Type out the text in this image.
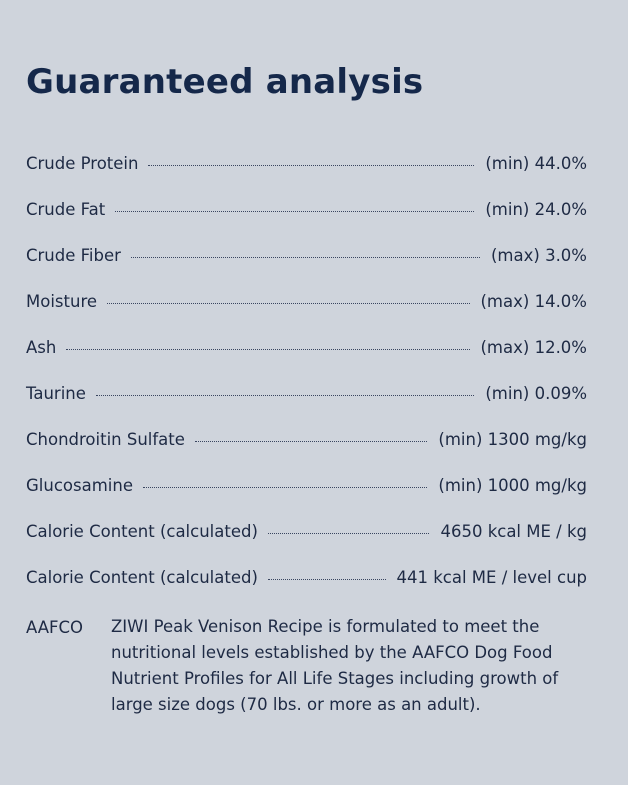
Guaranteed analysis
Crude Protein	(min) 44.0%
Crude Fat	(min) 24.0%
Crude Fiber	(max) 3.0%
Moisture	(max) 14.0%
Ash	(max) 12.0%
Taurine	(min) 0.09%
Chondroitin Sulfate	(min) 1300 mg/kg
Glucosamine	(min) 1000 mg/kg
Calorie Content (calculated)	4650 kcal ME / kg
Calorie Content (calculated)	441 kcal ME / level cup
AAFCO	ZIWI Peak Venison Recipe is formulated to meet the nutritional levels established by the AAFCO Dog Food Nutrient Profiles for All Life Stages including growth of large size dogs (70 lbs. or more as an adult).
